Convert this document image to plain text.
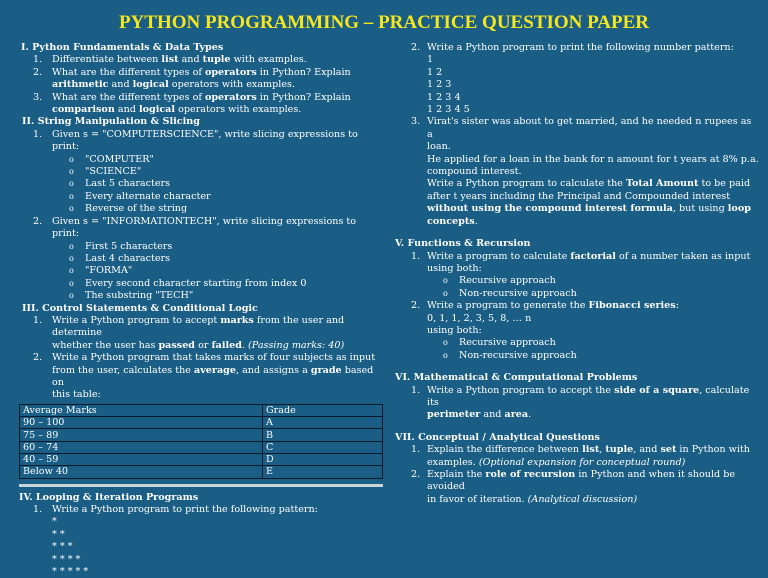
PYTHON PROGRAMMING – PRACTICE QUESTION PAPER
I. Python Fundamentals & Data Types
1. Differentiate between list and tuple with examples.
2. What are the different types of operators in Python? Explain
arithmetic and logical operators with examples.
3. What are the different types of operators in Python? Explain
comparison and logical operators with examples.
II. String Manipulation & Slicing
1. Given s = "COMPUTERSCIENCE", write slicing expressions to print:
o "COMPUTER"
o "SCIENCE"
o Last 5 characters
o Every alternate character
o Reverse of the string
2. Given s = "INFORMATIONTECH", write slicing expressions to print:
o First 5 characters
o Last 4 characters
o "FORMA"
o Every second character starting from index 0
o The substring "TECH"
III. Control Statements & Conditional Logic
1. Write a Python program to accept marks from the user and determine
whether the user has passed or failed. (Passing marks: 40)
2. Write a Python program that takes marks of four subjects as input
from the user, calculates the average, and assigns a grade based on
this table:
Average Marks	Grade
90 – 100	A
75 – 89	B
60 – 74	C
40 – 59	D
Below 40	E
IV. Looping & Iteration Programs
1. Write a Python program to print the following pattern:
*
* *
* * *
* * * *
* * * * *
2. Write a Python program to print the following number pattern:
1
1 2
1 2 3
1 2 3 4
1 2 3 4 5
3. Virat's sister was about to get married, and he needed n rupees as a
loan.
He applied for a loan in the bank for n amount for t years at 8% p.a.
compound interest.
Write a Python program to calculate the Total Amount to be paid
after t years including the Principal and Compounded interest
without using the compound interest formula, but using loop
concepts.
V. Functions & Recursion
1. Write a program to calculate factorial of a number taken as input
using both:
o Recursive approach
o Non-recursive approach
2. Write a program to generate the Fibonacci series:
0, 1, 1, 2, 3, 5, 8, … n
using both:
o Recursive approach
o Non-recursive approach
VI. Mathematical & Computational Problems
1. Write a Python program to accept the side of a square, calculate its
perimeter and area.
VII. Conceptual / Analytical Questions
1. Explain the difference between list, tuple, and set in Python with
examples. (Optional expansion for conceptual round)
2. Explain the role of recursion in Python and when it should be avoided
in favor of iteration. (Analytical discussion)
